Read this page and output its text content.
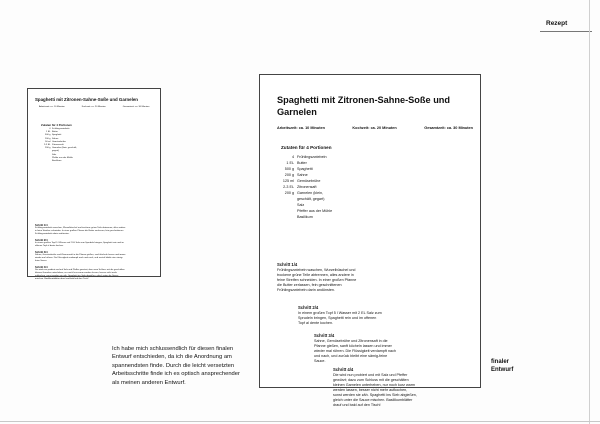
Rezept
Spaghetti mit Zitronen-Sahne-Soße und Garnelen
Arbeitszeit: ca. 10 Minuten	Kochzeit: ca. 20 Minuten	Gesamtzeit: ca. 30 Minuten
Zutaten für 4 Portionen
4 Frühlingszwiebeln
1 EL Butter
500 g Spaghetti
200 g Sahne
50 ml Gemüsebrühe
2-3 EL Zitronensaft
200 g Garnelen (klein, geschält, gegart)
Salz
Pfeffer aus der Mühle
Basilikum
Schritt 1/4
Frühlingszwiebeln waschen, Wurzelbüschel und trockene grüne Teile abtrennen, alles andere in feine Streifen schneiden. In einer großen Pfanne die Butter zerlassen, fein geschnittenen Frühlingszwiebeln darin andünsten.
Schritt 2/4
In einem großen Topf 5 l Wasser mit 2 EL Salz zum Sprudeln bringen, Spaghetti rein und im offenen Topf al dente kochen.
Schritt 3/4
Sahne, Gemüsebrühe und Zitronensaft in die Pfanne gießen, sanft köcheln lassen und immer wieder mal rühren. Die Flüssigkeit verdampft nach und nach, und zurück bleibt eine sämig-feine Sauce.
Schritt 4/4
Die wird nun probiert und mit Salz und Pfeffer gewürzt; dazu zum Schluss mit die geschälten kleinen Garnelen unterheben, nur noch kurz warm werden lassen, besser nicht mehr aufkochen, sonst werden sie zäh. Spaghetti ins Sieb abgießen, gleich unter die Sauce mischen. Basilikumblätter drauf und bald auf den Tisch!
Spaghetti mit Zitronen-Sahne-Soße und Garnelen
Arbeitszeit: ca. 10 Minuten	Kochzeit: ca. 20 Minuten	Gesamtzeit: ca. 30 Minuten
Zutaten für 4 Portionen
4 Frühlingszwiebeln
1 EL Butter
500 g Spaghetti
200 g Sahne
125 ml Gemüsebrühe
2-3 EL Zitronensaft
200 g Garnelen (klein, geschält, gegart)
Salz
Pfeffer aus der Mühle
Basilikum
Schritt 1/4
Frühlingszwiebeln waschen, Wurzelbüschel und trockene grüne Teile abtrennen, alles andere in feine Streifen schneiden. In einer großen Pfanne die Butter zerlassen, fein geschnittenen Frühlingszwiebeln darin andünsten.
Schritt 2/4
In einem großen Topf 5 l Wasser mit 2 EL Salz zum Sprudeln bringen, Spaghetti rein und im offenen Topf al dente kochen.
Schritt 3/4
Sahne, Gemüsebrühe und Zitronensaft in die Pfanne gießen, sanft köcheln lassen und immer wieder mal rühren. Die Flüssigkeit verdampft nach und nach, und zurück bleibt eine sämig-feine Sauce.
Schritt 4/4
Die wird nun probiert und mit Salz und Pfeffer gewürzt; dazu zum Schluss mit die geschälten kleinen Garnelen unterheben, nur noch kurz warm werden lassen, besser nicht mehr aufkochen, sonst werden sie zäh. Spaghetti ins Sieb abgießen, gleich unter die Sauce mischen. Basilikumblätter drauf und bald auf den Tisch!
Ich habe mich schlussendlich für diesen finalen Entwurf entschieden, da ich die Anordnung am spannendsten finde. Durch die leicht versetzten Arbeitsschritte finde ich es optisch ansprechender als meinen anderen Entwurf.
finaler Entwurf
